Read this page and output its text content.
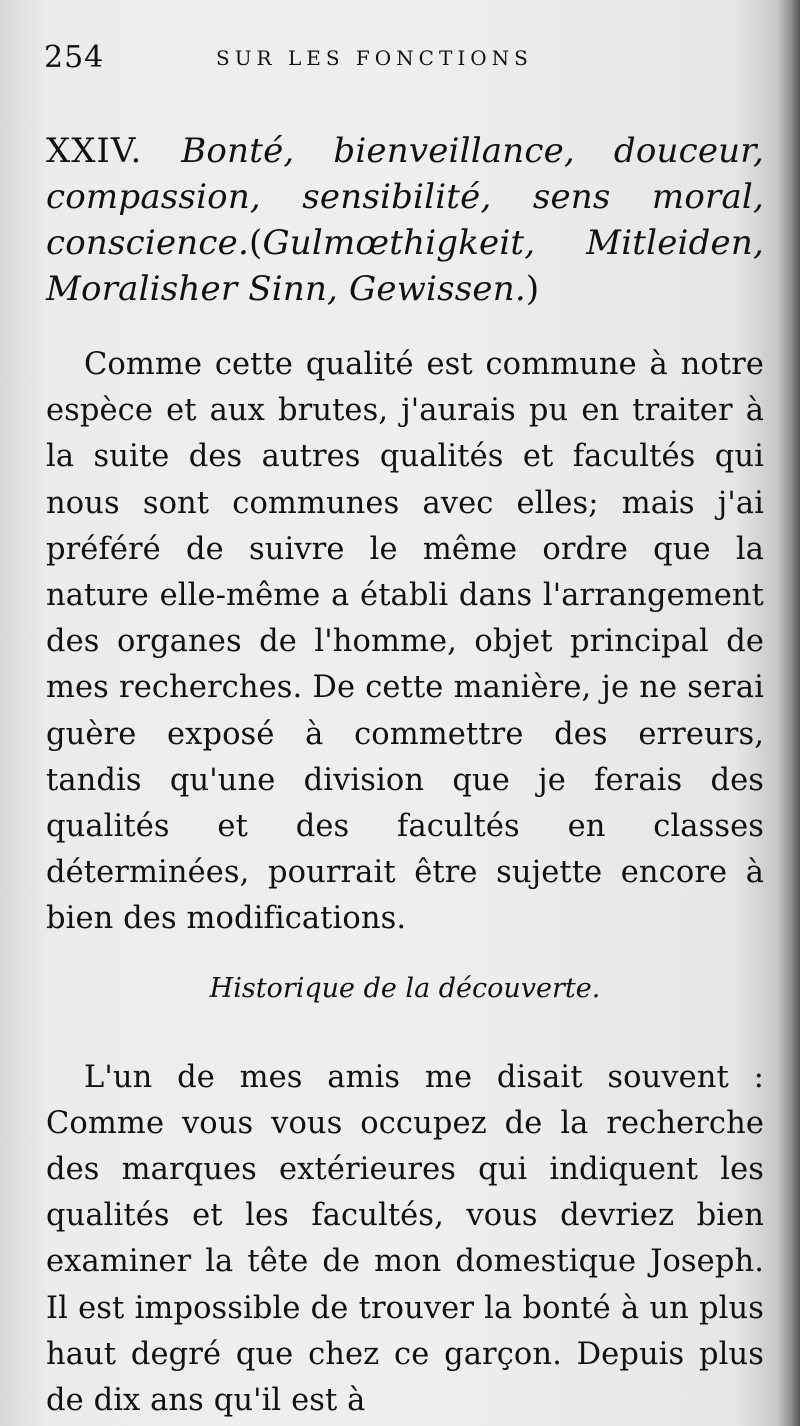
254	SUR LES FONCTIONS

XXIV. Bonté, bienveillance, douceur, compassion, sensibilité, sens moral, conscience.(Gulmœthigkeit, Mitleiden, Moralisher Sinn, Gewissen.)

Comme cette qualité est commune à notre espèce et aux brutes, j'aurais pu en traiter à la suite des autres qualités et facultés qui nous sont communes avec elles; mais j'ai préféré de suivre le même ordre que la nature elle-même a établi dans l'arrangement des organes de l'homme, objet principal de mes recherches. De cette manière, je ne serai guère exposé à commettre des erreurs, tandis qu'une division que je ferais des qualités et des facultés en classes déterminées, pourrait être sujette encore à bien des modifications.

Historique de la découverte.

L'un de mes amis me disait souvent : Comme vous vous occupez de la recherche des marques extérieures qui indiquent les qualités et les facultés, vous devriez bien examiner la tête de mon domestique Joseph. Il est impossible de trouver la bonté à un plus haut degré que chez ce garçon. Depuis plus de dix ans qu'il est à
